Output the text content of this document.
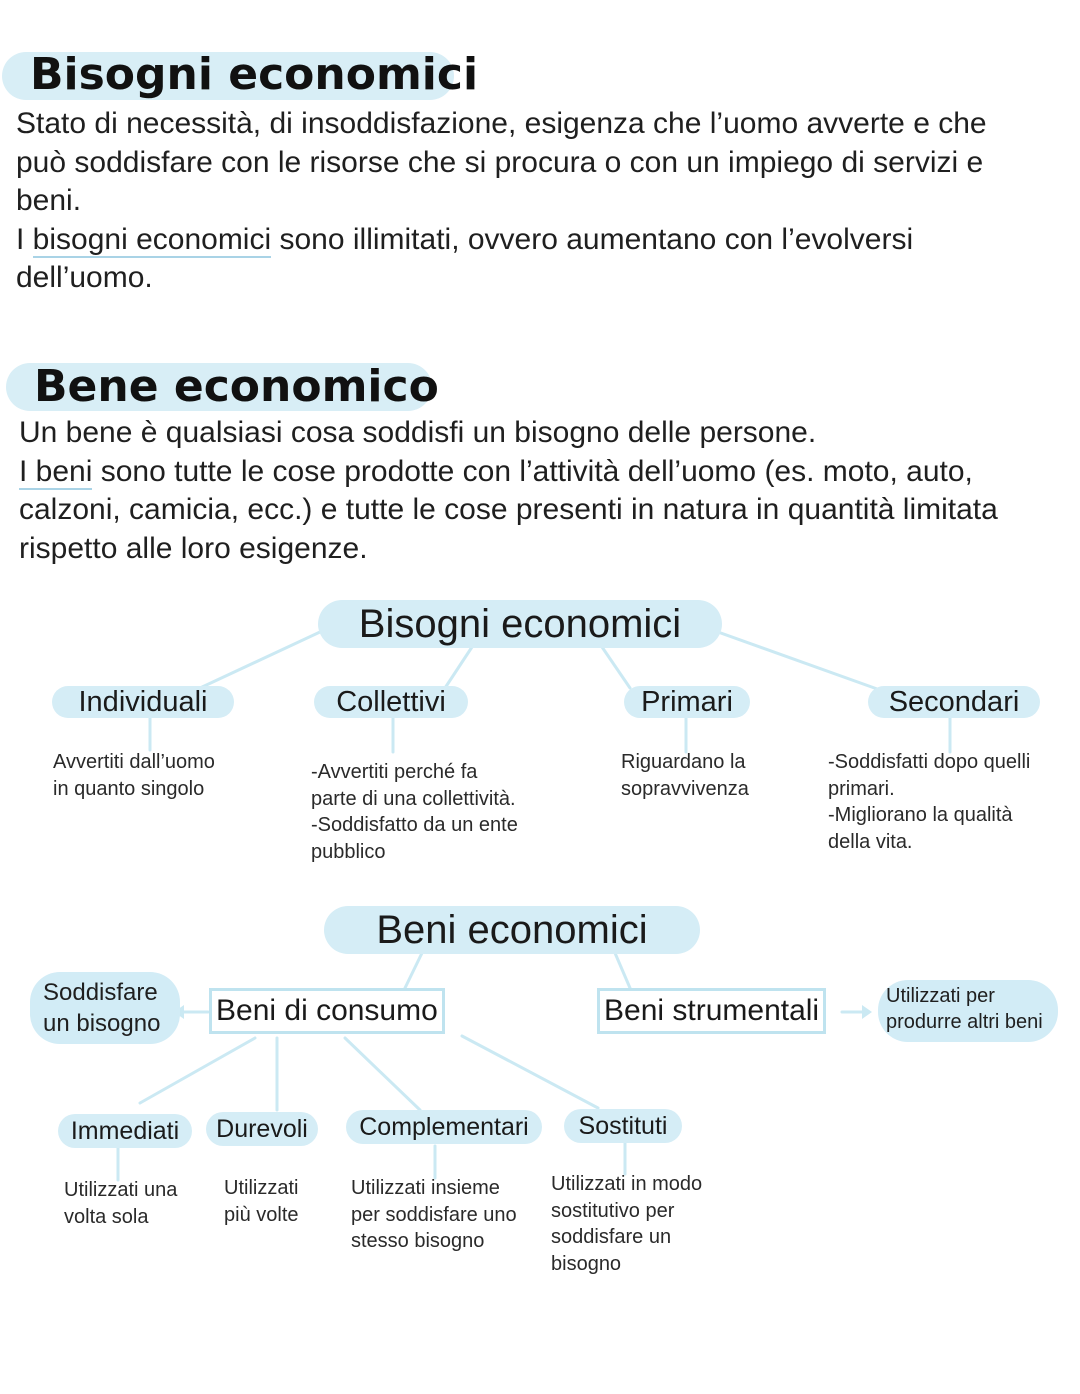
Bisogni economici
Stato di necessità, di insoddisfazione, esigenza che l’uomo avverte e che può soddisfare con le risorse che si procura o con un impiego di servizi e beni.
I bisogni economici sono illimitati, ovvero aumentano con l’evolversi dell’uomo.
Bene economico
Un bene è qualsiasi cosa soddisfi un bisogno delle persone.
I beni sono tutte le cose prodotte con l’attività dell’uomo (es. moto, auto, calzoni, camicia, ecc.) e tutte le cose presenti in natura in quantità limitata rispetto alle loro esigenze.
Bisogni economici
Individuali	Collettivi	Primari	Secondari
Avvertiti dall’uomo
in quanto singolo
-Avvertiti perché fa
parte di una collettività.
-Soddisfatto da un ente
pubblico
Riguardano la
sopravvivenza
-Soddisfatti dopo quelli
primari.
-Migliorano la qualità
della vita.
Beni economici
Soddisfare
un bisogno Beni di consumo	Beni strumentali	Utilizzati per
produrre altri beni
Immediati	Durevoli	Complementari	Sostituti
Utilizzati una
volta sola
Utilizzati
più volte
Utilizzati insieme
per soddisfare uno
stesso bisogno
Utilizzati in modo
sostitutivo per
soddisfare un
bisogno
